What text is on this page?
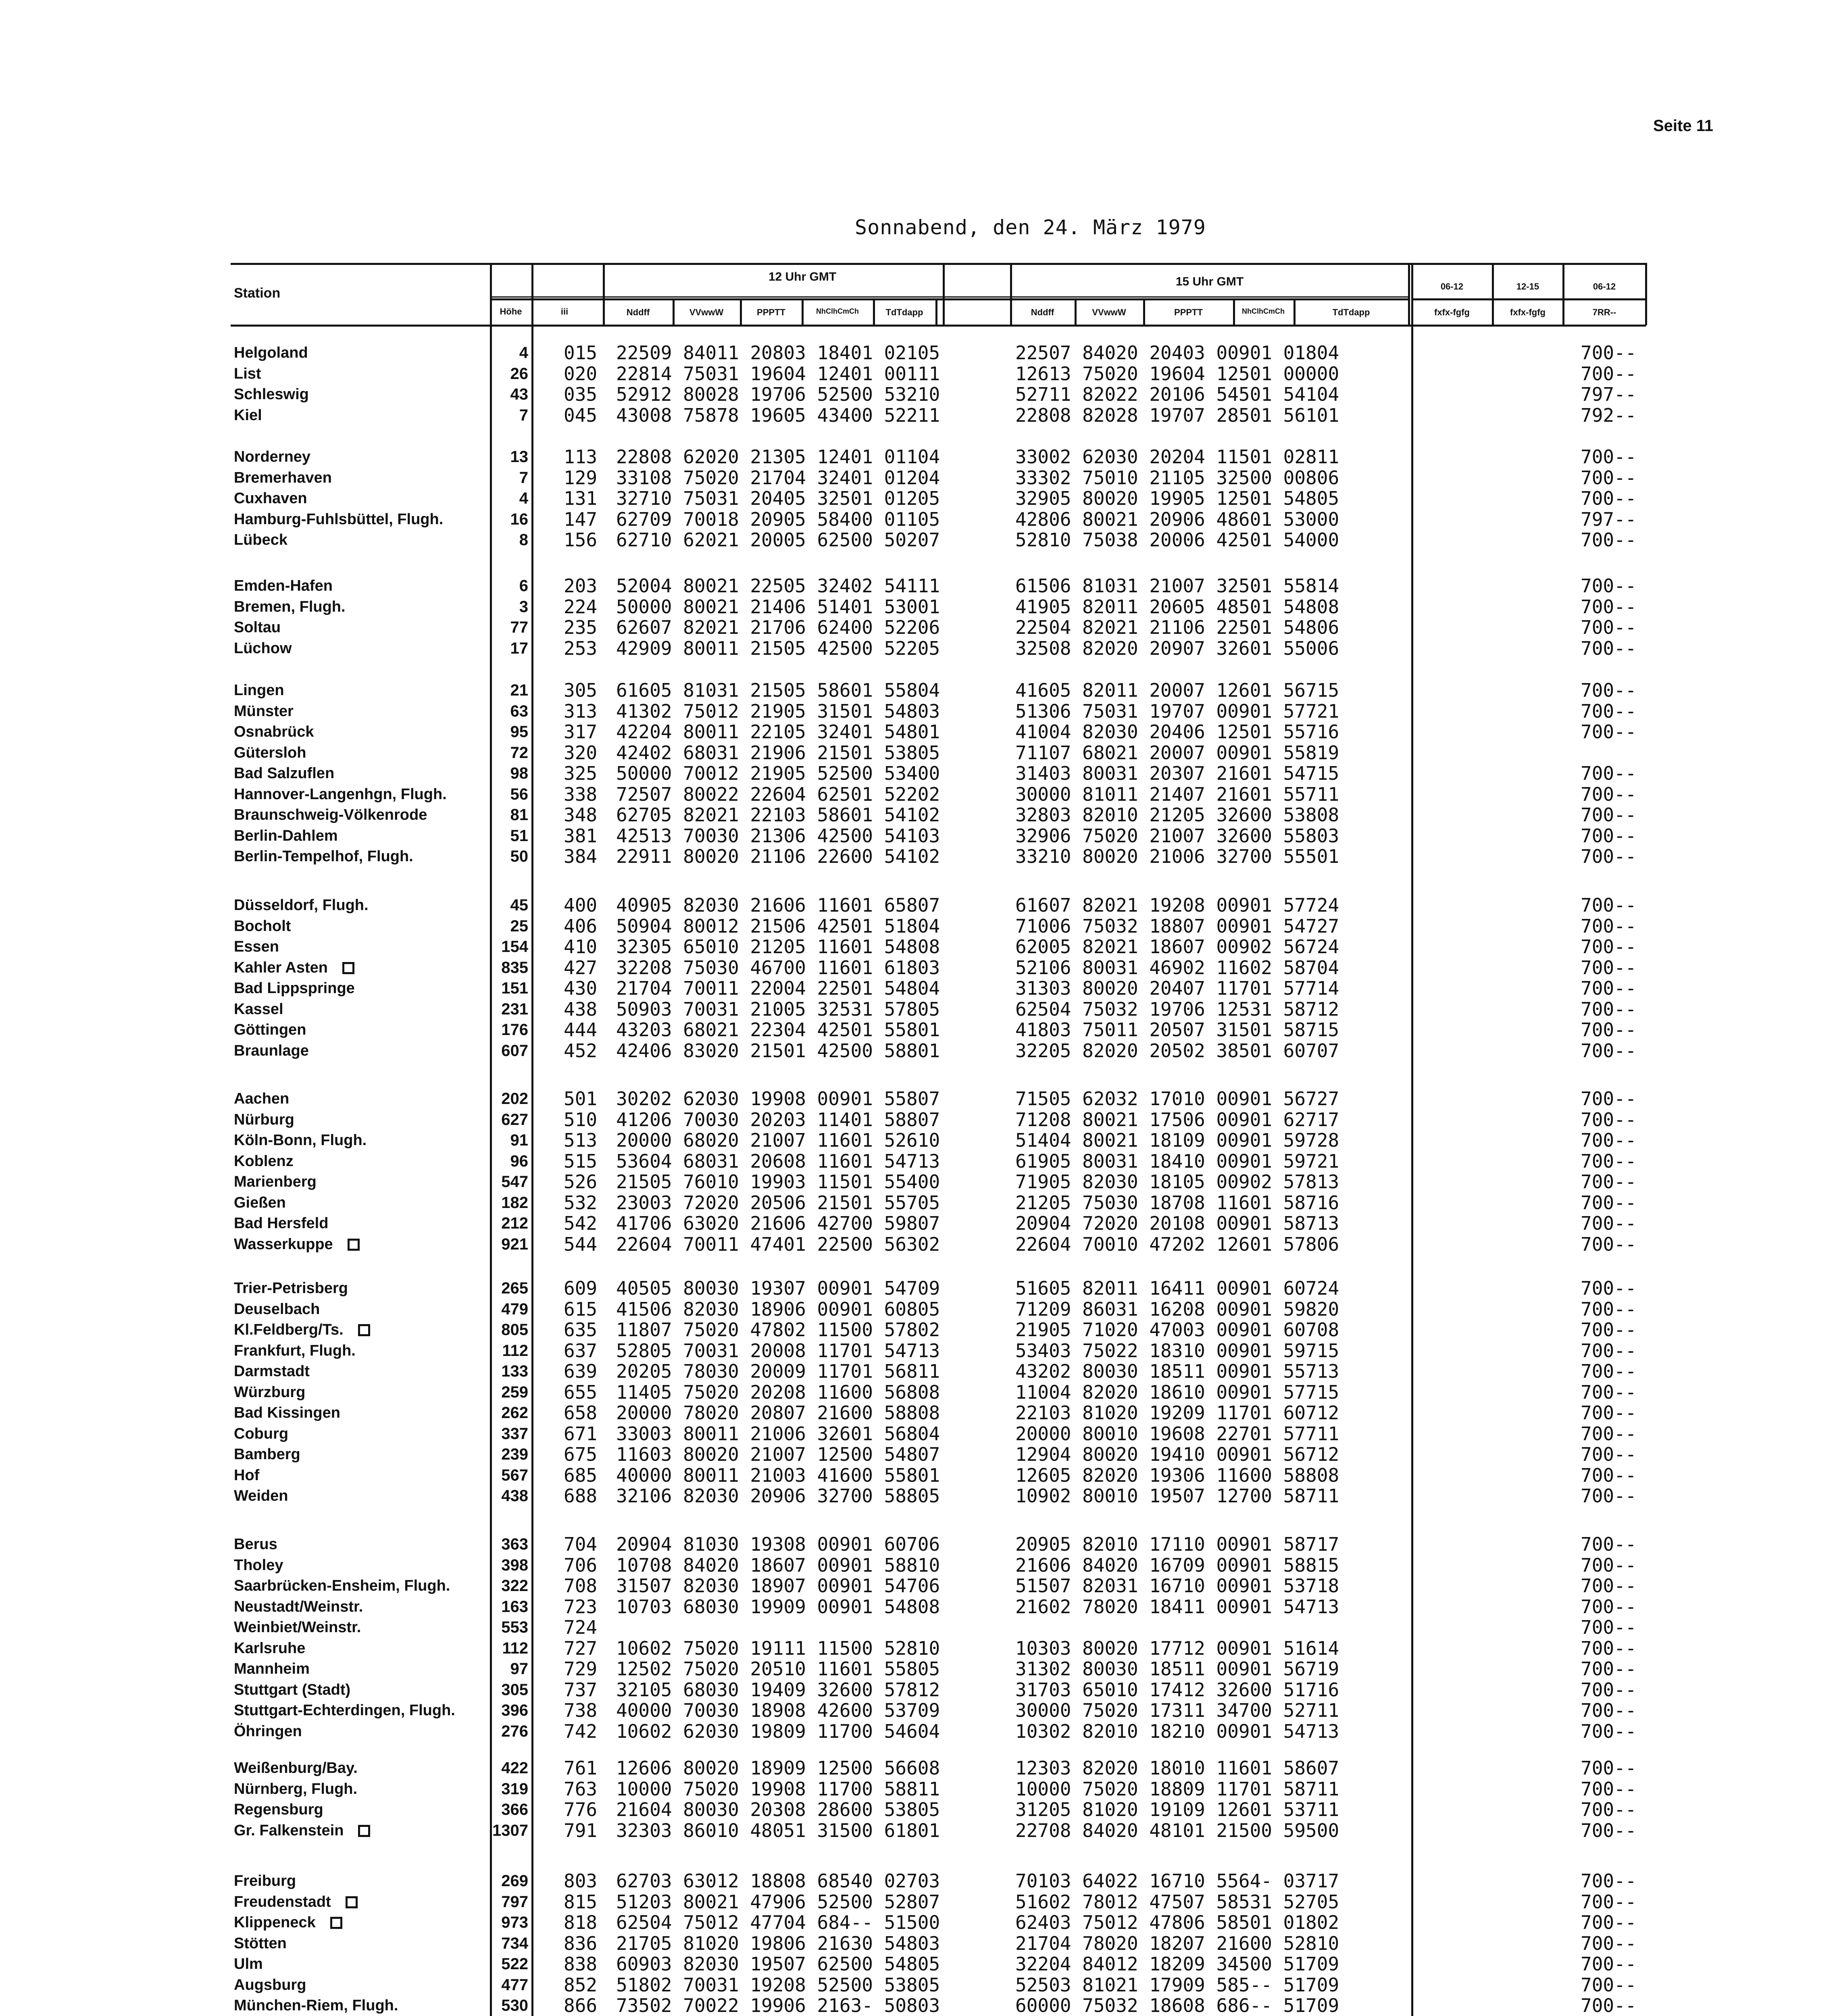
Seite 11
Sonnabend, den 24. März 1979
Station
Höhe	iii
12 Uhr GMT	15 Uhr GMT
Nddff	VVwwW	PPPTT	NhClhCmCh	TdTdapp	Nddff	VVwwW	PPPTT	NhClhCmCh	TdTdapp
06-12	12-15	06-12
fxfx-fgfg	fxfx-fgfg	7RR--
Helgoland	4 015 22509 84011 20803 18401 02105	22507 84020 20403 00901 01804	700--
List	26 020 22814 75031 19604 12401 00111	12613 75020 19604 12501 00000	700--
Schleswig	43 035 52912 80028 19706 52500 53210	52711 82022 20106 54501 54104	797--
Kiel	7 045 43008 75878 19605 43400 52211	22808 82028 19707 28501 56101	792--
Norderney	13 113 22808 62020 21305 12401 01104	33002 62030 20204 11501 02811	700--
Bremerhaven	7 129 33108 75020 21704 32401 01204	33302 75010 21105 32500 00806	700--
Cuxhaven	4 131 32710 75031 20405 32501 01205	32905 80020 19905 12501 54805	700--
Hamburg-Fuhlsbüttel, Flugh.	16 147 62709 70018 20905 58400 01105	42806 80021 20906 48601 53000	797--
Lübeck	8 156 62710 62021 20005 62500 50207	52810 75038 20006 42501 54000	700--
Emden-Hafen	6 203 52004 80021 22505 32402 54111	61506 81031 21007 32501 55814	700--
Bremen, Flugh.	3 224 50000 80021 21406 51401 53001	41905 82011 20605 48501 54808	700--
Soltau	77 235 62607 82021 21706 62400 52206	22504 82021 21106 22501 54806	700--
Lüchow	17 253 42909 80011 21505 42500 52205	32508 82020 20907 32601 55006	700--
Lingen	21 305 61605 81031 21505 58601 55804	41605 82011 20007 12601 56715	700--
Münster	63 313 41302 75012 21905 31501 54803	51306 75031 19707 00901 57721	700--
Osnabrück	95 317 42204 80011 22105 32401 54801	41004 82030 20406 12501 55716	700--
Gütersloh	72 320 42402 68031 21906 21501 53805	71107 68021 20007 00901 55819
Bad Salzuflen	98 325 50000 70012 21905 52500 53400	31403 80031 20307 21601 54715	700--
Hannover-Langenhgn, Flugh.	56 338 72507 80022 22604 62501 52202	30000 81011 21407 21601 55711	700--
Braunschweig-Völkenrode	81 348 62705 82021 22103 58601 54102	32803 82010 21205 32600 53808	700--
Berlin-Dahlem	51 381 42513 70030 21306 42500 54103	32906 75020 21007 32600 55803	700--
Berlin-Tempelhof, Flugh.	50 384 22911 80020 21106 22600 54102	33210 80020 21006 32700 55501	700--
Düsseldorf, Flugh.	45 400 40905 82030 21606 11601 65807	61607 82021 19208 00901 57724	700--
Bocholt	25 406 50904 80012 21506 42501 51804	71006 75032 18807 00901 54727	700--
Essen	154 410 32305 65010 21205 11601 54808	62005 82021 18607 00902 56724	700--
Kahler Asten	835 427 32208 75030 46700 11601 61803	52106 80031 46902 11602 58704	700--
Bad Lippspringe	151 430 21704 70011 22004 22501 54804	31303 80020 20407 11701 57714	700--
Kassel	231 438 50903 70031 21005 32531 57805	62504 75032 19706 12531 58712	700--
Göttingen	176 444 43203 68021 22304 42501 55801	41803 75011 20507 31501 58715	700--
Braunlage	607 452 42406 83020 21501 42500 58801	32205 82020 20502 38501 60707	700--
Aachen	202 501 30202 62030 19908 00901 55807	71505 62032 17010 00901 56727	700--
Nürburg	627 510 41206 70030 20203 11401 58807	71208 80021 17506 00901 62717	700--
Köln-Bonn, Flugh.	91 513 20000 68020 21007 11601 52610	51404 80021 18109 00901 59728	700--
Koblenz	96 515 53604 68031 20608 11601 54713	61905 80031 18410 00901 59721	700--
Marienberg	547 526 21505 76010 19903 11501 55400	71905 82030 18105 00902 57813	700--
Gießen	182 532 23003 72020 20506 21501 55705	21205 75030 18708 11601 58716	700--
Bad Hersfeld	212 542 41706 63020 21606 42700 59807	20904 72020 20108 00901 58713	700--
Wasserkuppe	921 544 22604 70011 47401 22500 56302	22604 70010 47202 12601 57806	700--
Trier-Petrisberg	265 609 40505 80030 19307 00901 54709	51605 82011 16411 00901 60724	700--
Deuselbach	479 615 41506 82030 18906 00901 60805	71209 86031 16208 00901 59820	700--
Kl.Feldberg/Ts.	805 635 11807 75020 47802 11500 57802	21905 71020 47003 00901 60708	700--
Frankfurt, Flugh.	112 637 52805 70031 20008 11701 54713	53403 75022 18310 00901 59715	700--
Darmstadt	133 639 20205 78030 20009 11701 56811	43202 80030 18511 00901 55713	700--
Würzburg	259 655 11405 75020 20208 11600 56808	11004 82020 18610 00901 57715	700--
Bad Kissingen	262 658 20000 78020 20807 21600 58808	22103 81020 19209 11701 60712	700--
Coburg	337 671 33003 80011 21006 32601 56804	20000 80010 19608 22701 57711	700--
Bamberg	239 675 11603 80020 21007 12500 54807	12904 80020 19410 00901 56712	700--
Hof	567 685 40000 80011 21003 41600 55801	12605 82020 19306 11600 58808	700--
Weiden	438 688 32106 82030 20906 32700 58805	10902 80010 19507 12700 58711	700--
Berus	363 704 20904 81030 19308 00901 60706	20905 82010 17110 00901 58717	700--
Tholey	398 706 10708 84020 18607 00901 58810	21606 84020 16709 00901 58815	700--
Saarbrücken-Ensheim, Flugh.	322 708 31507 82030 18907 00901 54706	51507 82031 16710 00901 53718	700--
Neustadt/Weinstr.	163 723 10703 68030 19909 00901 54808	21602 78020 18411 00901 54713	700--
Weinbiet/Weinstr.	553 724	700--
Karlsruhe	112 727 10602 75020 19111 11500 52810	10303 80020 17712 00901 51614	700--
Mannheim	97 729 12502 75020 20510 11601 55805	31302 80030 18511 00901 56719	700--
Stuttgart (Stadt)	305 737 32105 68030 19409 32600 57812	31703 65010 17412 32600 51716	700--
Stuttgart-Echterdingen, Flugh.	396 738 40000 70030 18908 42600 53709	30000 75020 17311 34700 52711	700--
Öhringen	276 742 10602 62030 19809 11700 54604	10302 82010 18210 00901 54713	700--
Weißenburg/Bay.	422 761 12606 80020 18909 12500 56608	12303 82020 18010 11601 58607	700--
Nürnberg, Flugh.	319 763 10000 75020 19908 11700 58811	10000 75020 18809 11701 58711	700--
Regensburg	366 776 21604 80030 20308 28600 53805	31205 81020 19109 12601 53711	700--
Gr. Falkenstein	1307 791 32303 86010 48051 31500 61801	22708 84020 48101 21500 59500	700--
Freiburg	269 803 62703 63012 18808 68540 02703	70103 64022 16710 5564- 03717	700--
Freudenstadt	797 815 51203 80021 47906 52500 52807	51602 78012 47507 58531 52705	700--
Klippeneck	973 818 62504 75012 47704 684-- 51500	62403 75012 47806 58501 01802	700--
Stötten	734 836 21705 81020 19806 21630 54803	21704 78020 18207 21600 52810	700--
Ulm	522 838 60903 82030 19507 62500 54805	32204 84012 18209 34500 51709	700--
Augsburg	477 852 51802 70031 19208 52500 53805	52503 81021 17909 585-- 51709	700--
München-Riem, Flugh.	530 866 73502 70022 19906 2163- 50803	60000 75032 18608 686-- 51709	700--
